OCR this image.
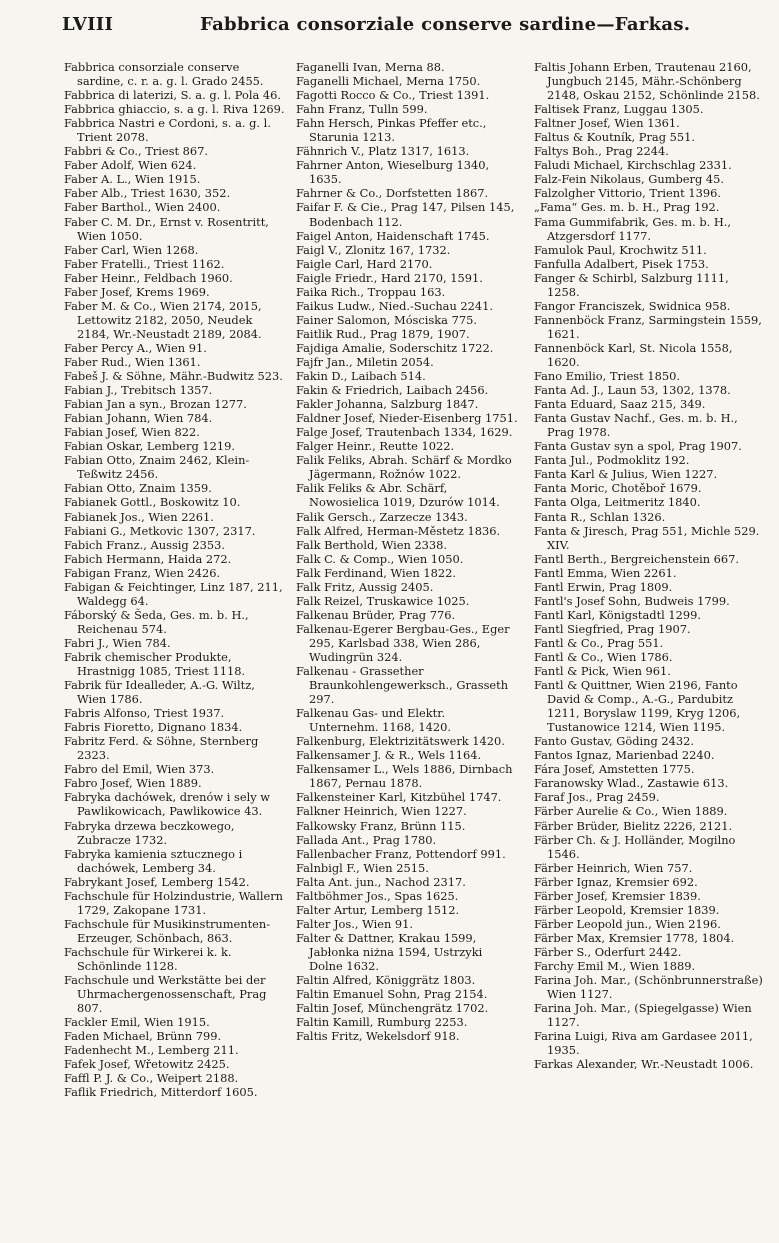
LVIII	Fabbrica consorziale conserve sardine—Farkas.
Fabbrica consorziale conserve sardine, c. r. a. g. l. Grado 2455.
Fabbrica di laterizi, S. a. g. l. Pola 46.
Fabbrica ghiaccio, s. a g. l. Riva 1269.
Fabbrica Nastri e Cordoni, s. a. g. l. Trient 2078.
Fabbri & Co., Triest 867.
Faber Adolf, Wien 624.
Faber A. L., Wien 1915.
Faber Alb., Triest 1630, 352.
Faber Barthol., Wien 2400.
Faber C. M. Dr., Ernst v. Rosentritt, Wien 1050.
Faber Carl, Wien 1268.
Faber Fratelli., Triest 1162.
Faber Heinr., Feldbach 1960.
Faber Josef, Krems 1969.
Faber M. & Co., Wien 2174, 2015, Lettowitz 2182, 2050, Neudek 2184, Wr.-Neustadt 2189, 2084.
Faber Percy A., Wien 91.
Faber Rud., Wien 1361.
Fabeš J. & Söhne, Mähr.-Budwitz 523.
Fabian J., Trebitsch 1357.
Fabian Jan a syn., Brozan 1277.
Fabian Johann, Wien 784.
Fabian Josef, Wien 822.
Fabian Oskar, Lemberg 1219.
Fabian Otto, Znaim 2462, Klein-Teßwitz 2456.
Fabian Otto, Znaim 1359.
Fabianek Gottl., Boskowitz 10.
Fabianek Jos., Wien 2261.
Fabiani G., Metkovic 1307, 2317.
Fabich Franz., Aussig 2353.
Fabich Hermann, Haida 272.
Fabigan Franz, Wien 2426.
Fabigan & Feichtinger, Linz 187, 211, Waldegg 64.
Fáborský & Šeda, Ges. m. b. H., Reichenau 574.
Fabri J., Wien 784.
Fabrik chemischer Produkte, Hrastnigg 1085, Triest 1118.
Fabrik für Idealleder, A.-G. Wiltz, Wien 1786.
Fabris Alfonso, Triest 1937.
Fabris Fioretto, Dignano 1834.
Fabritz Ferd. & Söhne, Sternberg 2323.
Fabro del Emil, Wien 373.
Fabro Josef, Wien 1889.
Fabryka dachówek, drenów i sely w Pawlikowicach, Pawlikowice 43.
Fabryka drzewa beczkowego, Zubracze 1732.
Fabryka kamienia sztucznego i dachówek, Lemberg 34.
Fabrykant Josef, Lemberg 1542.
Fachschule für Holzindustrie, Wallern 1729, Zakopane 1731.
Fachschule für Musikinstrumenten-Erzeuger, Schönbach, 863.
Fachschule für Wirkerei k. k. Schönlinde 1128.
Fachschule und Werkstätte bei der Uhrmachergenossenschaft, Prag 807.
Fackler Emil, Wien 1915.
Faden Michael, Brünn 799.
Fadenhecht M., Lemberg 211.
Fafek Josef, Wřetowitz 2425.
Faffl P. J. & Co., Weipert 2188.
Faflik Friedrich, Mitterdorf 1605.
Faganelli Ivan, Merna 88.
Faganelli Michael, Merna 1750.
Fagotti Rocco & Co., Triest 1391.
Fahn Franz, Tulln 599.
Fahn Hersch, Pinkas Pfeffer etc., Starunia 1213.
Fähnrich V., Platz 1317, 1613.
Fahrner Anton, Wieselburg 1340, 1635.
Fahrner & Co., Dorfstetten 1867.
Faifar F. & Cie., Prag 147, Pilsen 145, Bodenbach 112.
Faigel Anton, Haidenschaft 1745.
Faigl V., Zlonitz 167, 1732.
Faigle Carl, Hard 2170.
Faigle Friedr., Hard 2170, 1591.
Faika Rich., Troppau 163.
Faikus Ludw., Nied.-Suchau 2241.
Fainer Salomon, Mósciska 775.
Faitlik Rud., Prag 1879, 1907.
Fajdiga Amalie, Soderschitz 1722.
Fajfr Jan., Miletin 2054.
Fakin D., Laibach 514.
Fakin & Friedrich, Laibach 2456.
Fakler Johanna, Salzburg 1847.
Faldner Josef, Nieder-Eisenberg 1751.
Falge Josef, Trautenbach 1334, 1629.
Falger Heinr., Reutte 1022.
Falik Feliks, Abrah. Schärf & Mordko Jägermann, Rožnów 1022.
Falik Feliks & Abr. Schärf, Nowosielica 1019, Dzurów 1014.
Falik Gersch., Zarzecze 1343.
Falk Alfred, Herman-Městetz 1836.
Falk Berthold, Wien 2338.
Falk C. & Comp., Wien 1050.
Falk Ferdinand, Wien 1822.
Falk Fritz, Aussig 2405.
Falk Reizel, Truskawice 1025.
Falkenau Brüder, Prag 776.
Falkenau-Egerer Bergbau-Ges., Eger 295, Karlsbad 338, Wien 286, Wudingrün 324.
Falkenau - Grassether Braunkohlengewerksch., Grasseth 297.
Falkenau Gas- und Elektr. Unternehm. 1168, 1420.
Falkenburg, Elektrizitätswerk 1420.
Falkensamer J. & R., Wels 1164.
Falkensamer L., Wels 1886, Dirnbach 1867, Pernau 1878.
Falkensteiner Karl, Kitzbühel 1747.
Falkner Heinrich, Wien 1227.
Falkowsky Franz, Brünn 115.
Fallada Ant., Prag 1780.
Fallenbacher Franz, Pottendorf 991.
Falnbigl F., Wien 2515.
Falta Ant. jun., Nachod 2317.
Faltböhmer Jos., Spas 1625.
Falter Artur, Lemberg 1512.
Falter Jos., Wien 91.
Falter & Dattner, Krakau 1599, Jabłonka niżna 1594, Ustrzyki Dolne 1632.
Faltin Alfred, Königgrätz 1803.
Faltin Emanuel Sohn, Prag 2154.
Faltin Josef, Münchengrätz 1702.
Faltin Kamill, Rumburg 2253.
Faltis Fritz, Wekelsdorf 918.
Faltis Johann Erben, Trautenau 2160, Jungbuch 2145, Mähr.-Schönberg 2148, Oskau 2152, Schönlinde 2158.
Faltisek Franz, Luggau 1305.
Faltner Josef, Wien 1361.
Faltus & Koutník, Prag 551.
Faltys Boh., Prag 2244.
Faludi Michael, Kirchschlag 2331.
Falz-Fein Nikolaus, Gumberg 45.
Falzolgher Vittorio, Trient 1396.
„Fama“ Ges. m. b. H., Prag 192.
Fama Gummifabrik, Ges. m. b. H., Atzgersdorf 1177.
Famulok Paul, Krochwitz 511.
Fanfulla Adalbert, Pisek 1753.
Fanger & Schirbl, Salzburg 1111, 1258.
Fangor Franciszek, Swidnica 958.
Fannenböck Franz, Sarmingstein 1559, 1621.
Fannenböck Karl, St. Nicola 1558, 1620.
Fano Emilio, Triest 1850.
Fanta Ad. J., Laun 53, 1302, 1378.
Fanta Eduard, Saaz 215, 349.
Fanta Gustav Nachf., Ges. m. b. H., Prag 1978.
Fanta Gustav syn a spol, Prag 1907.
Fanta Jul., Podmoklitz 192.
Fanta Karl & Julius, Wien 1227.
Fanta Moric, Chotěboř 1679.
Fanta Olga, Leitmeritz 1840.
Fanta R., Schlan 1326.
Fanta & Jiresch, Prag 551, Michle 529. XIV.
Fantl Berth., Bergreichenstein 667.
Fantl Emma, Wien 2261.
Fantl Erwin, Prag 1809.
Fantl's Josef Sohn, Budweis 1799.
Fantl Karl, Königstadtl 1299.
Fantl Siegfried, Prag 1907.
Fantl & Co., Prag 551.
Fantl & Co., Wien 1786.
Fantl & Pick, Wien 961.
Fantl & Quittner, Wien 2196, Fanto David & Comp., A.-G., Pardubitz 1211, Boryslaw 1199, Kryg 1206, Tustanowice 1214, Wien 1195.
Fanto Gustav, Göding 2432.
Fantos Ignaz, Marienbad 2240.
Fára Josef, Amstetten 1775.
Faranowsky Wlad., Zastawie 613.
Faraf Jos., Prag 2459.
Färber Aurelie & Co., Wien 1889.
Färber Brüder, Bielitz 2226, 2121.
Färber Ch. & J. Holländer, Mogilno 1546.
Färber Heinrich, Wien 757.
Färber Ignaz, Kremsier 692.
Färber Josef, Kremsier 1839.
Färber Leopold, Kremsier 1839.
Färber Leopold jun., Wien 2196.
Färber Max, Kremsier 1778, 1804.
Färber S., Oderfurt 2442.
Farchy Emil M., Wien 1889.
Farina Joh. Mar., (Schönbrunnerstraße) Wien 1127.
Farina Joh. Mar., (Spiegelgasse) Wien 1127.
Farina Luigi, Riva am Gardasee 2011, 1935.
Farkas Alexander, Wr.-Neustadt 1006.
